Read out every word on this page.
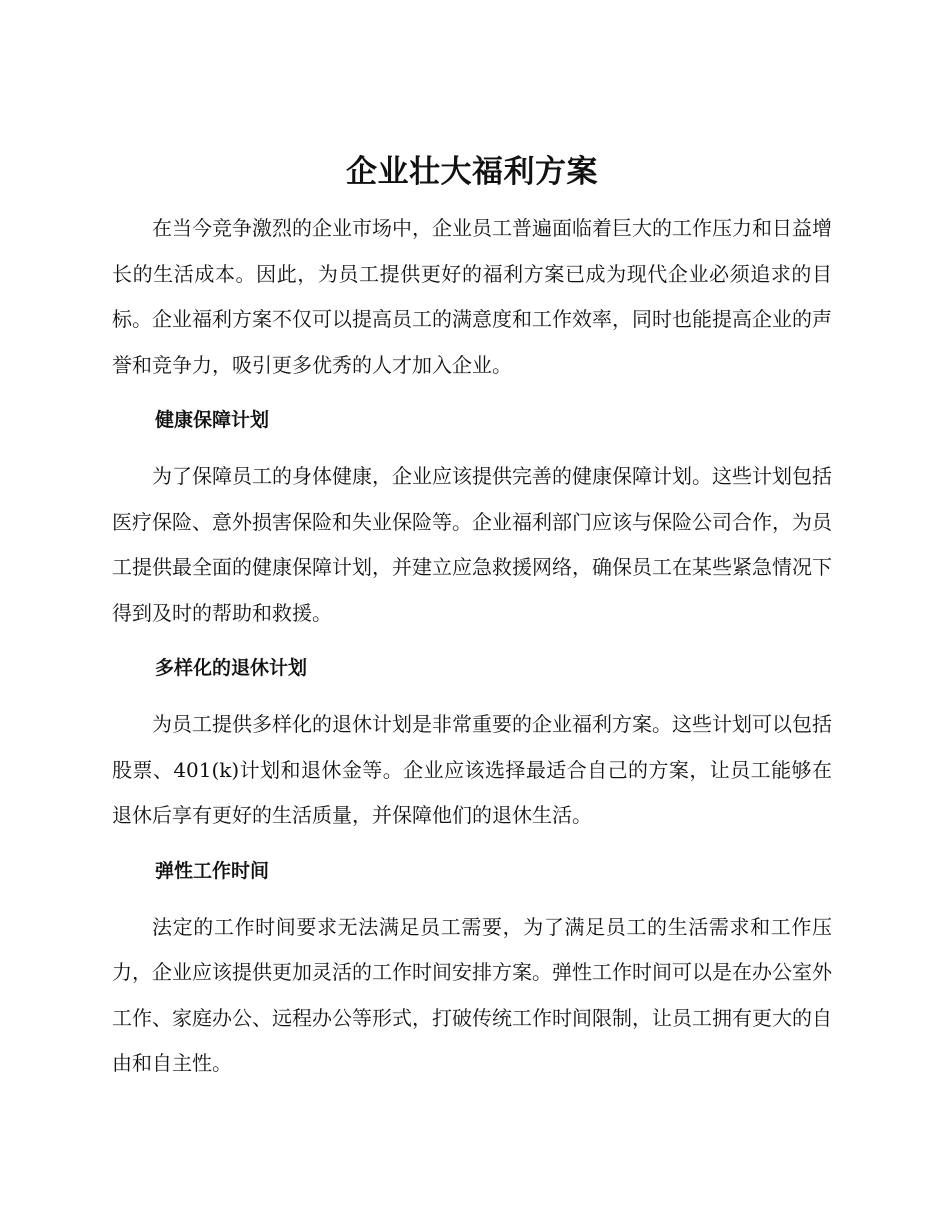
企业壮大福利方案

在当今竞争激烈的企业市场中，企业员工普遍面临着巨大的工作压力和日益增长的生活成本。因此，为员工提供更好的福利方案已成为现代企业必须追求的目标。企业福利方案不仅可以提高员工的满意度和工作效率，同时也能提高企业的声誉和竞争力，吸引更多优秀的人才加入企业。

健康保障计划

为了保障员工的身体健康，企业应该提供完善的健康保障计划。这些计划包括医疗保险、意外损害保险和失业保险等。企业福利部门应该与保险公司合作，为员工提供最全面的健康保障计划，并建立应急救援网络，确保员工在某些紧急情况下得到及时的帮助和救援。

多样化的退休计划

为员工提供多样化的退休计划是非常重要的企业福利方案。这些计划可以包括股票、401(k)计划和退休金等。企业应该选择最适合自己的方案，让员工能够在退休后享有更好的生活质量，并保障他们的退休生活。

弹性工作时间

法定的工作时间要求无法满足员工需要，为了满足员工的生活需求和工作压力，企业应该提供更加灵活的工作时间安排方案。弹性工作时间可以是在办公室外工作、家庭办公、远程办公等形式，打破传统工作时间限制，让员工拥有更大的自由和自主性。
